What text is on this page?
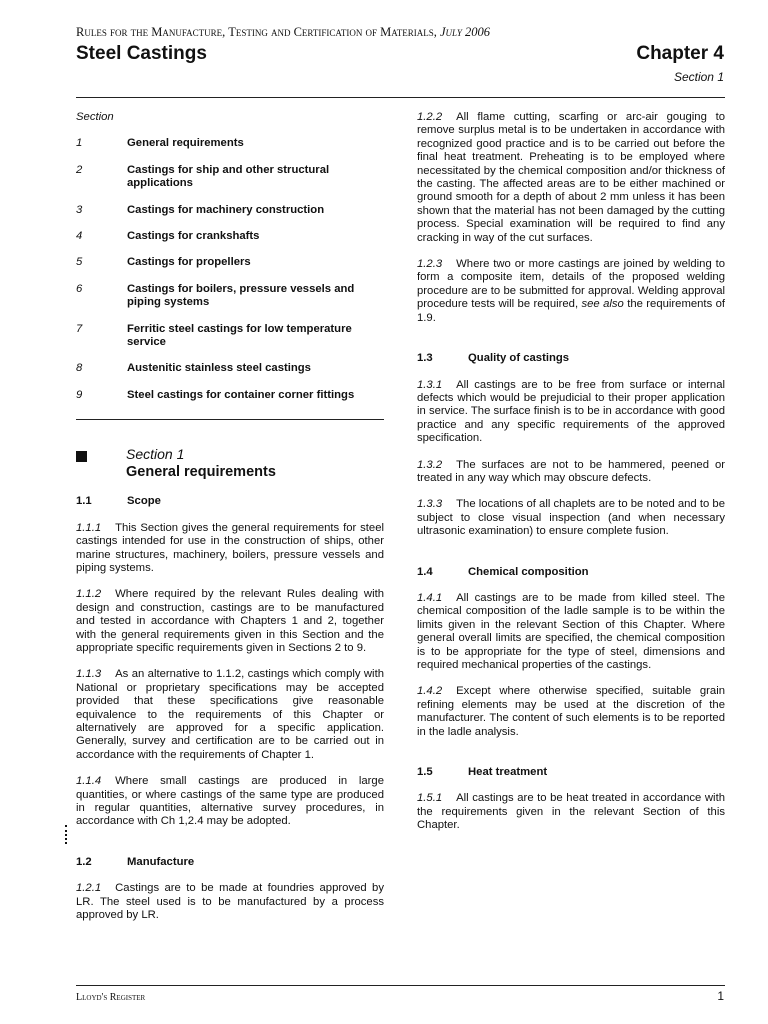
Rules for the Manufacture, Testing and Certification of Materials, July 2006
Steel Castings	Chapter 4
Section 1
Section
1	General requirements
2	Castings for ship and other structural applications
3	Castings for machinery construction
4	Castings for crankshafts
5	Castings for propellers
6	Castings for boilers, pressure vessels and piping systems
7	Ferritic steel castings for low temperature service
8	Austenitic stainless steel castings
9	Steel castings for container corner fittings
Section 1
General requirements
1.1	Scope

1.1.1 This Section gives the general requirements for steel castings intended for use in the construction of ships, other marine structures, machinery, boilers, pressure vessels and piping systems.

1.1.2 Where required by the relevant Rules dealing with design and construction, castings are to be manufactured and tested in accordance with Chapters 1 and 2, together with the general requirements given in this Section and the appropriate specific requirements given in Sections 2 to 9.

1.1.3 As an alternative to 1.1.2, castings which comply with National or proprietary specifications may be accepted provided that these specifications give reasonable equivalence to the requirements of this Chapter or alternatively are approved for a specific application. Generally, survey and certification are to be carried out in accordance with the requirements of Chapter 1.

1.1.4 Where small castings are produced in large quantities, or where castings of the same type are produced in regular quantities, alternative survey procedures, in accordance with Ch 1,2.4 may be adopted.

1.2	Manufacture

1.2.1 Castings are to be made at foundries approved by LR. The steel used is to be manufactured by a process approved by LR.

1.2.2 All flame cutting, scarfing or arc-air gouging to remove surplus metal is to be undertaken in accordance with recognized good practice and is to be carried out before the final heat treatment. Preheating is to be employed where necessitated by the chemical composition and/or thickness of the casting. The affected areas are to be either machined or ground smooth for a depth of about 2 mm unless it has been shown that the material has not been damaged by the cutting process. Special examination will be required to find any cracking in way of the cut surfaces.

1.2.3 Where two or more castings are joined by welding to form a composite item, details of the proposed welding procedure are to be submitted for approval. Welding approval procedure tests will be required, see also the requirements of 1.9.

1.3	Quality of castings

1.3.1 All castings are to be free from surface or internal defects which would be prejudicial to their proper application in service. The surface finish is to be in accordance with good practice and any specific requirements of the approved specification.

1.3.2 The surfaces are not to be hammered, peened or treated in any way which may obscure defects.

1.3.3 The locations of all chaplets are to be noted and to be subject to close visual inspection (and when necessary ultrasonic examination) to ensure complete fusion.

1.4	Chemical composition

1.4.1 All castings are to be made from killed steel. The chemical composition of the ladle sample is to be within the limits given in the relevant Section of this Chapter. Where general overall limits are specified, the chemical composition is to be appropriate for the type of steel, dimensions and required mechanical properties of the castings.

1.4.2 Except where otherwise specified, suitable grain refining elements may be used at the discretion of the manufacturer. The content of such elements is to be reported in the ladle analysis.

1.5	Heat treatment

1.5.1 All castings are to be heat treated in accordance with the requirements given in the relevant Section of this Chapter.

Lloyd's Register	1
